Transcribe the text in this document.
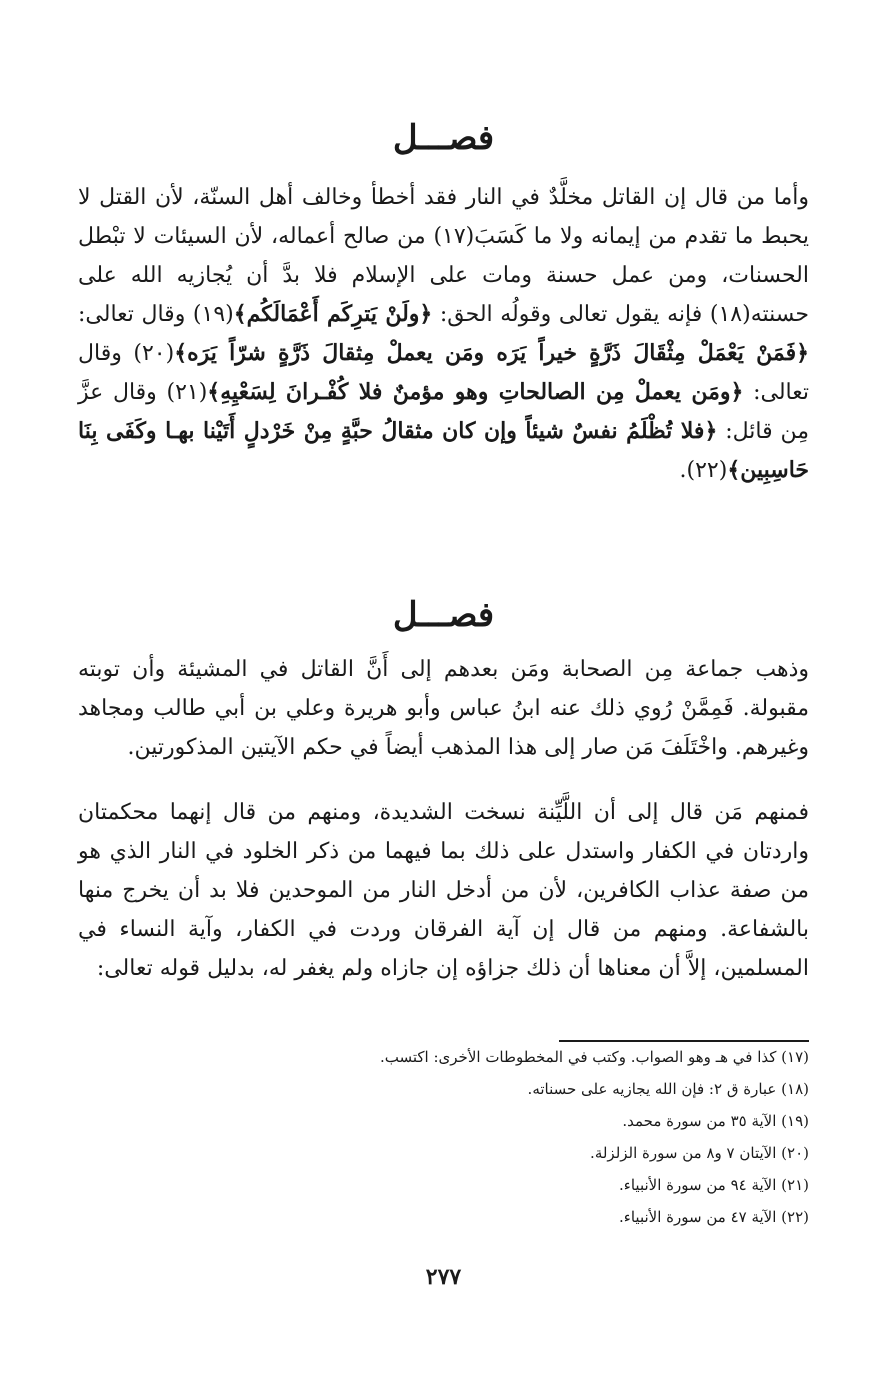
فصـــل

وأما من قال إن القاتل مخلَّدٌ في النار فقد أخطأ وخالف أهل السنّة، لأن القتل لا يحبط ما تقدم من إيمانه ولا ما كَسَبَ(١٧) من صالح أعماله، لأن السيئات لا تبْطل الحسنات، ومن عمل حسنة ومات على الإسلام فلا بدَّ أن يُجازيه الله على حسنته(١٨) فإنه يقول تعالى وقولُه الحق: ﴿ولَنْ يَترِكَم أَعْمَالَكُم﴾(١٩) وقال تعالى: ﴿فَمَنْ يَعْمَلْ مِثْقَالَ ذَرَّةٍ خيراً يَرَه ومَن يعملْ مِثقالَ ذَرَّةٍ شرّاً يَرَه﴾(٢٠) وقال تعالى: ﴿ومَن يعملْ مِن الصالحاتِ وهو مؤمنٌ فلا كُفْـرانَ لِسَعْيِهِ﴾(٢١) وقال عزَّ مِن قائل: ﴿فلا تُظْلَمُ نفسٌ شيئاً وإن كان مثقالُ حبَّةٍ مِنْ خَرْدلٍ أَتَيْنا بهـا وكَفَى بِنَا حَاسِبِين﴾(٢٢).

فصـــل

وذهب جماعة مِن الصحابة ومَن بعدهم إلى أَنَّ القاتل في المشيئة وأن توبته مقبولة. فَمِمَّنْ رُوي ذلك عنه ابنُ عباس وأبو هريرة وعلي بن أبي طالب ومجاهد وغيرهم. واخْتَلَفَ مَن صار إلى هذا المذهب أيضاً في حكم الآيتين المذكورتين.

فمنهم مَن قال إلى أن اللَّيِّنة نسخت الشديدة، ومنهم من قال إنهما محكمتان واردتان في الكفار واستدل على ذلك بما فيهما من ذكر الخلود في النار الذي هو من صفة عذاب الكافرين، لأن من أدخل النار من الموحدين فلا بد أن يخرج منها بالشفاعة. ومنهم من قال إن آية الفرقان وردت في الكفار، وآية النساء في المسلمين، إلاَّ أن معناها أن ذلك جزاؤه إن جازاه ولم يغفر له، بدليل قوله تعالى:

(١٧) كذا في هـ وهو الصواب. وكتب في المخطوطات الأخرى: اكتسب.

(١٨) عبارة ق ٢: فإن الله يجازيه على حسناته.

(١٩) الآية ٣٥ من سورة محمد.

(٢٠) الآيتان ٧ و٨ من سورة الزلزلة.

(٢١) الآية ٩٤ من سورة الأنبياء.

(٢٢) الآية ٤٧ من سورة الأنبياء.

٢٧٧
